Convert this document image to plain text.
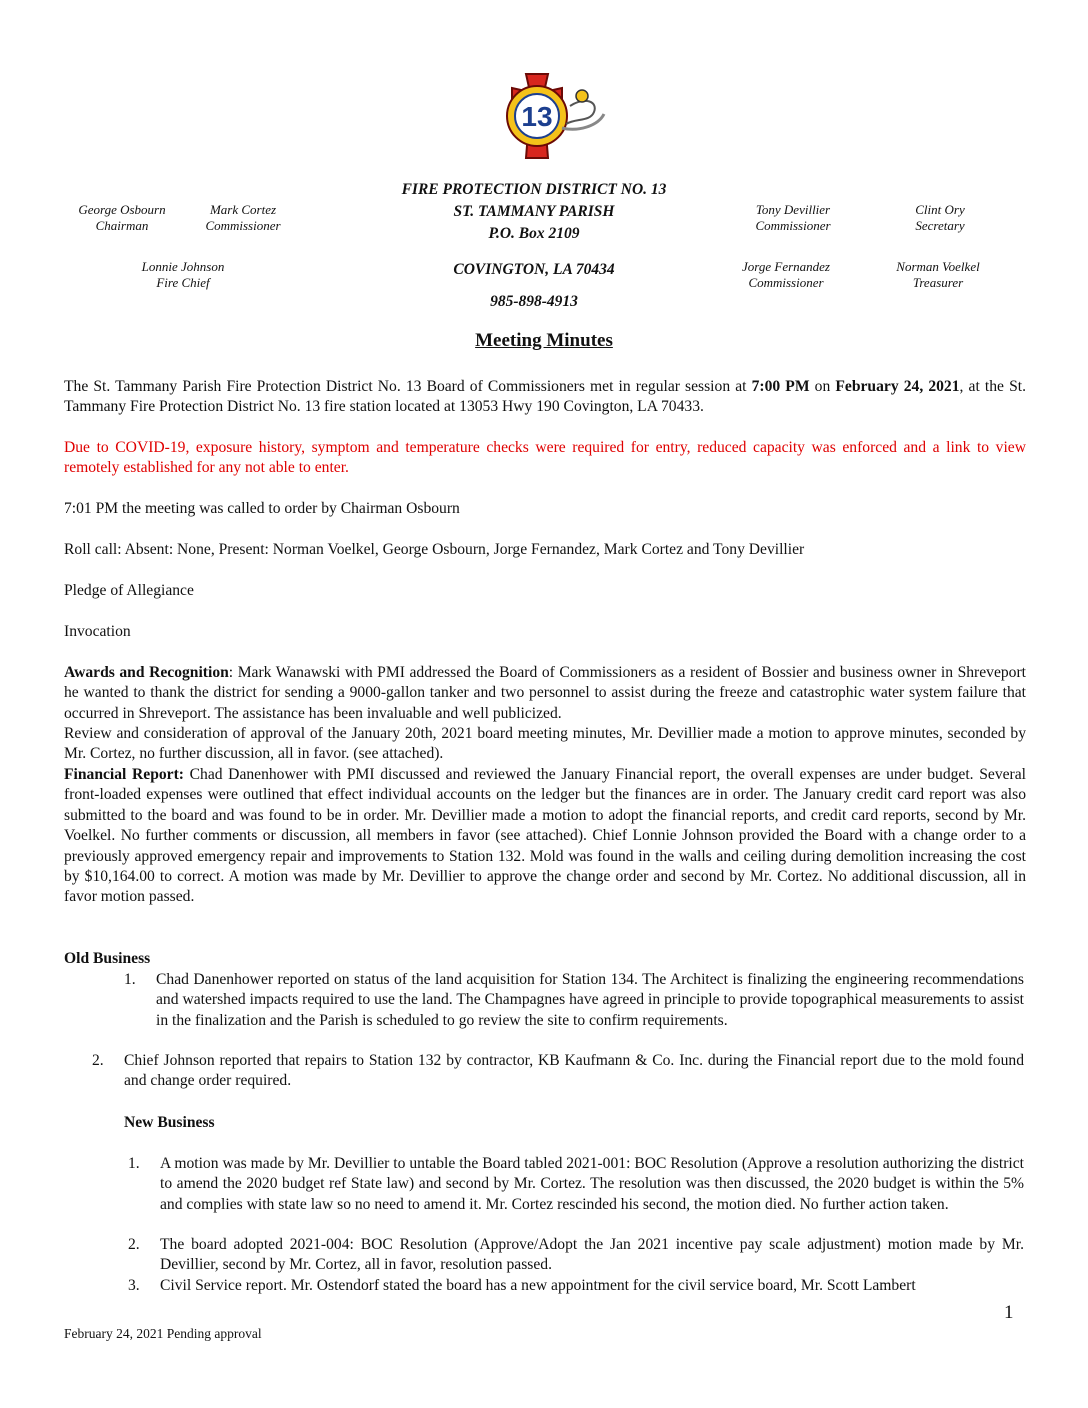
13
FIRE PROTECTION DISTRICT NO. 13
ST. TAMMANY PARISH
P.O. Box 2109
COVINGTON, LA 70434
985-898-4913
George Osbourn
Chairman
Mark Cortez
Commissioner
Lonnie Johnson
Fire Chief
Tony Devillier
Commissioner
Clint Ory
Secretary
Jorge Fernandez
Commissioner
Norman Voelkel
Treasurer
Meeting Minutes
The St. Tammany Parish Fire Protection District No. 13 Board of Commissioners met in regular session at 7:00 PM on February 24, 2021, at the St. Tammany Fire Protection District No. 13 fire station located at 13053 Hwy 190 Covington, LA 70433.
Due to COVID-19, exposure history, symptom and temperature checks were required for entry, reduced capacity was enforced and a link to view remotely established for any not able to enter.
7:01 PM the meeting was called to order by Chairman Osbourn
Roll call: Absent: None, Present: Norman Voelkel, George Osbourn, Jorge Fernandez, Mark Cortez and Tony Devillier
Pledge of Allegiance
Invocation
Awards and Recognition: Mark Wanawski with PMI addressed the Board of Commissioners as a resident of Bossier and business owner in Shreveport he wanted to thank the district for sending a 9000-gallon tanker and two personnel to assist during the freeze and catastrophic water system failure that occurred in Shreveport. The assistance has been invaluable and well publicized.
Review and consideration of approval of the January 20th, 2021 board meeting minutes, Mr. Devillier made a motion to approve minutes, seconded by Mr. Cortez, no further discussion, all in favor. (see attached).
Financial Report: Chad Danenhower with PMI discussed and reviewed the January Financial report, the overall expenses are under budget. Several front-loaded expenses were outlined that effect individual accounts on the ledger but the finances are in order. The January credit card report was also submitted to the board and was found to be in order. Mr. Devillier made a motion to adopt the financial reports, and credit card reports, second by Mr. Voelkel. No further comments or discussion, all members in favor (see attached). Chief Lonnie Johnson provided the Board with a change order to a previously approved emergency repair and improvements to Station 132. Mold was found in the walls and ceiling during demolition increasing the cost by $10,164.00 to correct. A motion was made by Mr. Devillier to approve the change order and second by Mr. Cortez. No additional discussion, all in favor motion passed.
Old Business
1. Chad Danenhower reported on status of the land acquisition for Station 134. The Architect is finalizing the engineering recommendations and watershed impacts required to use the land. The Champagnes have agreed in principle to provide topographical measurements to assist in the finalization and the Parish is scheduled to go review the site to confirm requirements.
2. Chief Johnson reported that repairs to Station 132 by contractor, KB Kaufmann & Co. Inc. during the Financial report due to the mold found and change order required.
New Business
1. A motion was made by Mr. Devillier to untable the Board tabled 2021-001: BOC Resolution (Approve a resolution authorizing the district to amend the 2020 budget ref State law) and second by Mr. Cortez. The resolution was then discussed, the 2020 budget is within the 5% and complies with state law so no need to amend it. Mr. Cortez rescinded his second, the motion died. No further action taken.
2. The board adopted 2021-004: BOC Resolution (Approve/Adopt the Jan 2021 incentive pay scale adjustment) motion made by Mr. Devillier, second by Mr. Cortez, all in favor, resolution passed.
3. Civil Service report. Mr. Ostendorf stated the board has a new appointment for the civil service board, Mr. Scott Lambert
1
February 24, 2021 Pending approval
